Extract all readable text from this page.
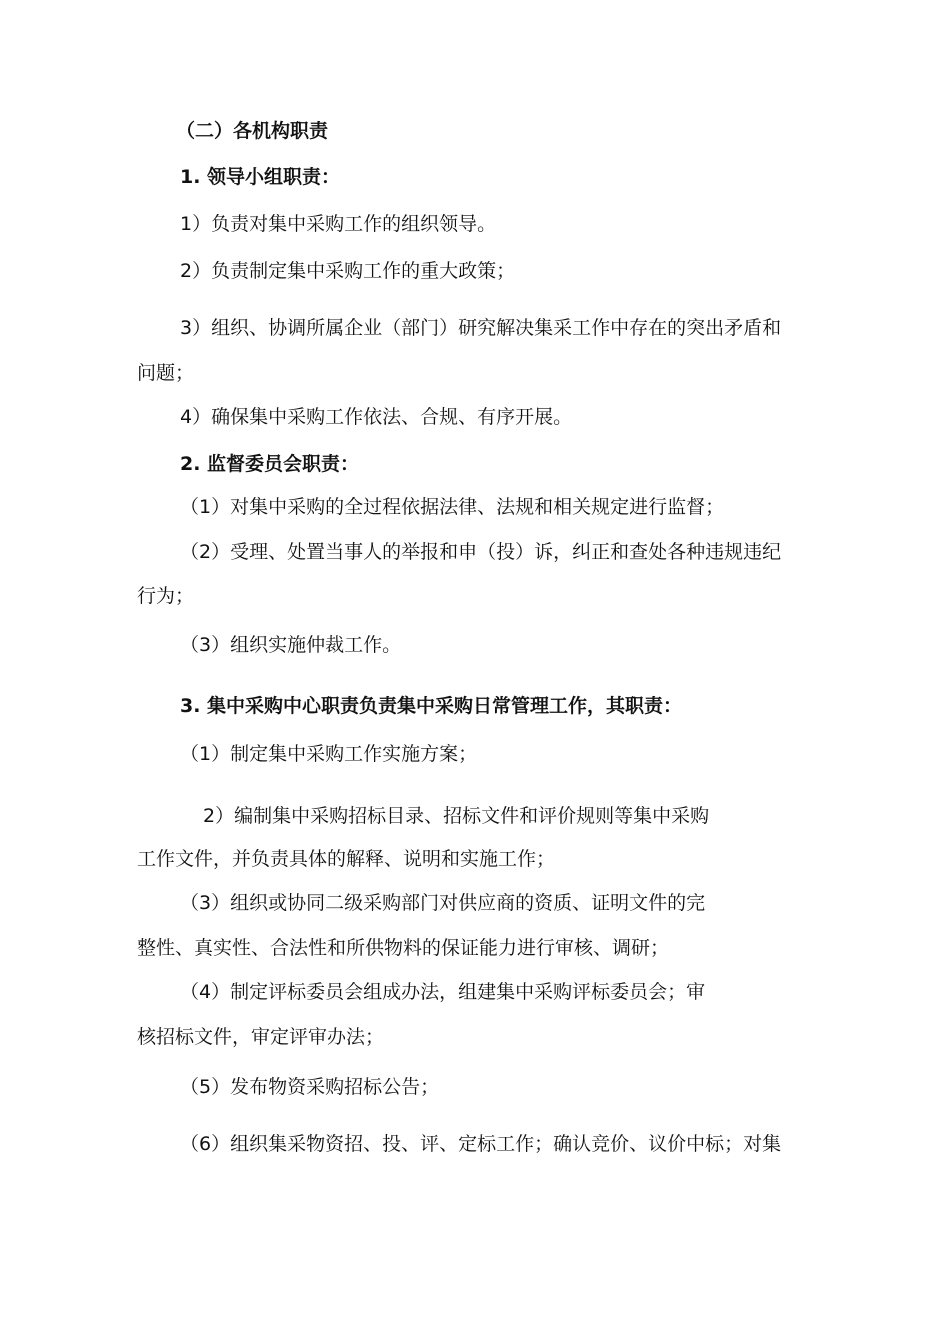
（二）各机构职责

1. 领导小组职责：

1）负责对集中采购工作的组织领导。

2）负责制定集中采购工作的重大政策；

3）组织、协调所属企业（部门）研究解决集采工作中存在的突出矛盾和

问题；

4）确保集中采购工作依法、合规、有序开展。

2. 监督委员会职责：

（1）对集中采购的全过程依据法律、法规和相关规定进行监督；

（2）受理、处置当事人的举报和申（投）诉，纠正和查处各种违规违纪

行为；

（3）组织实施仲裁工作。

3. 集中采购中心职责负责集中采购日常管理工作，其职责：

（1）制定集中采购工作实施方案；

2）编制集中采购招标目录、招标文件和评价规则等集中采购

工作文件，并负责具体的解释、说明和实施工作；

（3）组织或协同二级采购部门对供应商的资质、证明文件的完

整性、真实性、合法性和所供物料的保证能力进行审核、调研；

（4）制定评标委员会组成办法，组建集中采购评标委员会；审

核招标文件，审定评审办法；

（5）发布物资采购招标公告；

（6）组织集采物资招、投、评、定标工作；确认竞价、议价中标；对集
